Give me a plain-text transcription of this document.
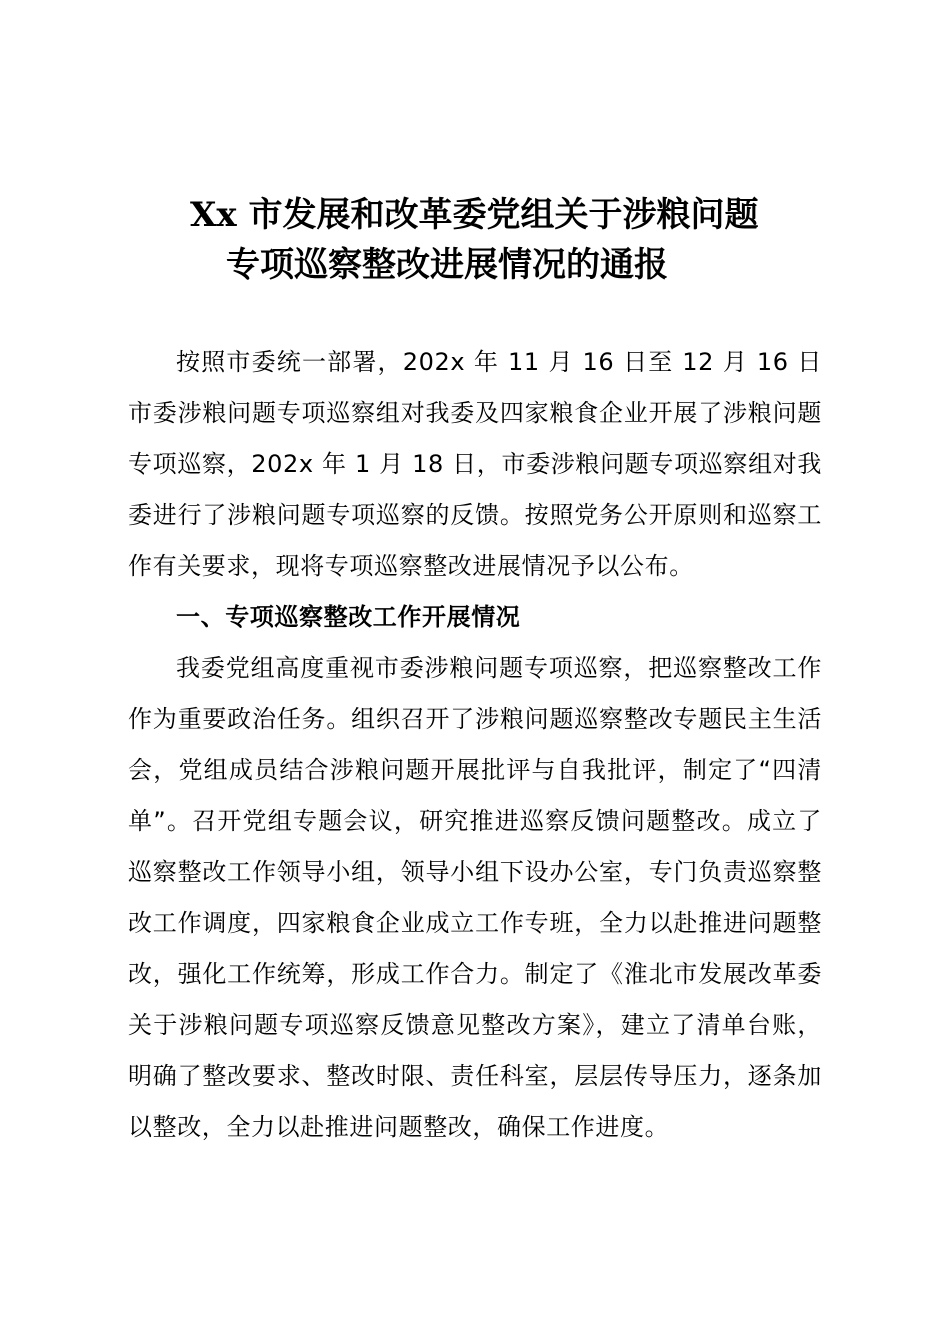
Xx 市发展和改革委党组关于涉粮问题
专项巡察整改进展情况的通报

按照市委统一部署，202x 年 11 月 16 日至 12 月 16 日市委涉粮问题专项巡察组对我委及四家粮食企业开展了涉粮问题专项巡察，202x 年 1 月 18 日，市委涉粮问题专项巡察组对我委进行了涉粮问题专项巡察的反馈。按照党务公开原则和巡察工作有关要求，现将专项巡察整改进展情况予以公布。

一、专项巡察整改工作开展情况

我委党组高度重视市委涉粮问题专项巡察，把巡察整改工作作为重要政治任务。组织召开了涉粮问题巡察整改专题民主生活会，党组成员结合涉粮问题开展批评与自我批评，制定了“四清单”。召开党组专题会议，研究推进巡察反馈问题整改。成立了巡察整改工作领导小组，领导小组下设办公室，专门负责巡察整改工作调度，四家粮食企业成立工作专班，全力以赴推进问题整改，强化工作统筹，形成工作合力。制定了《淮北市发展改革委关于涉粮问题专项巡察反馈意见整改方案》，建立了清单台账，明确了整改要求、整改时限、责任科室，层层传导压力，逐条加以整改，全力以赴推进问题整改，确保工作进度。
